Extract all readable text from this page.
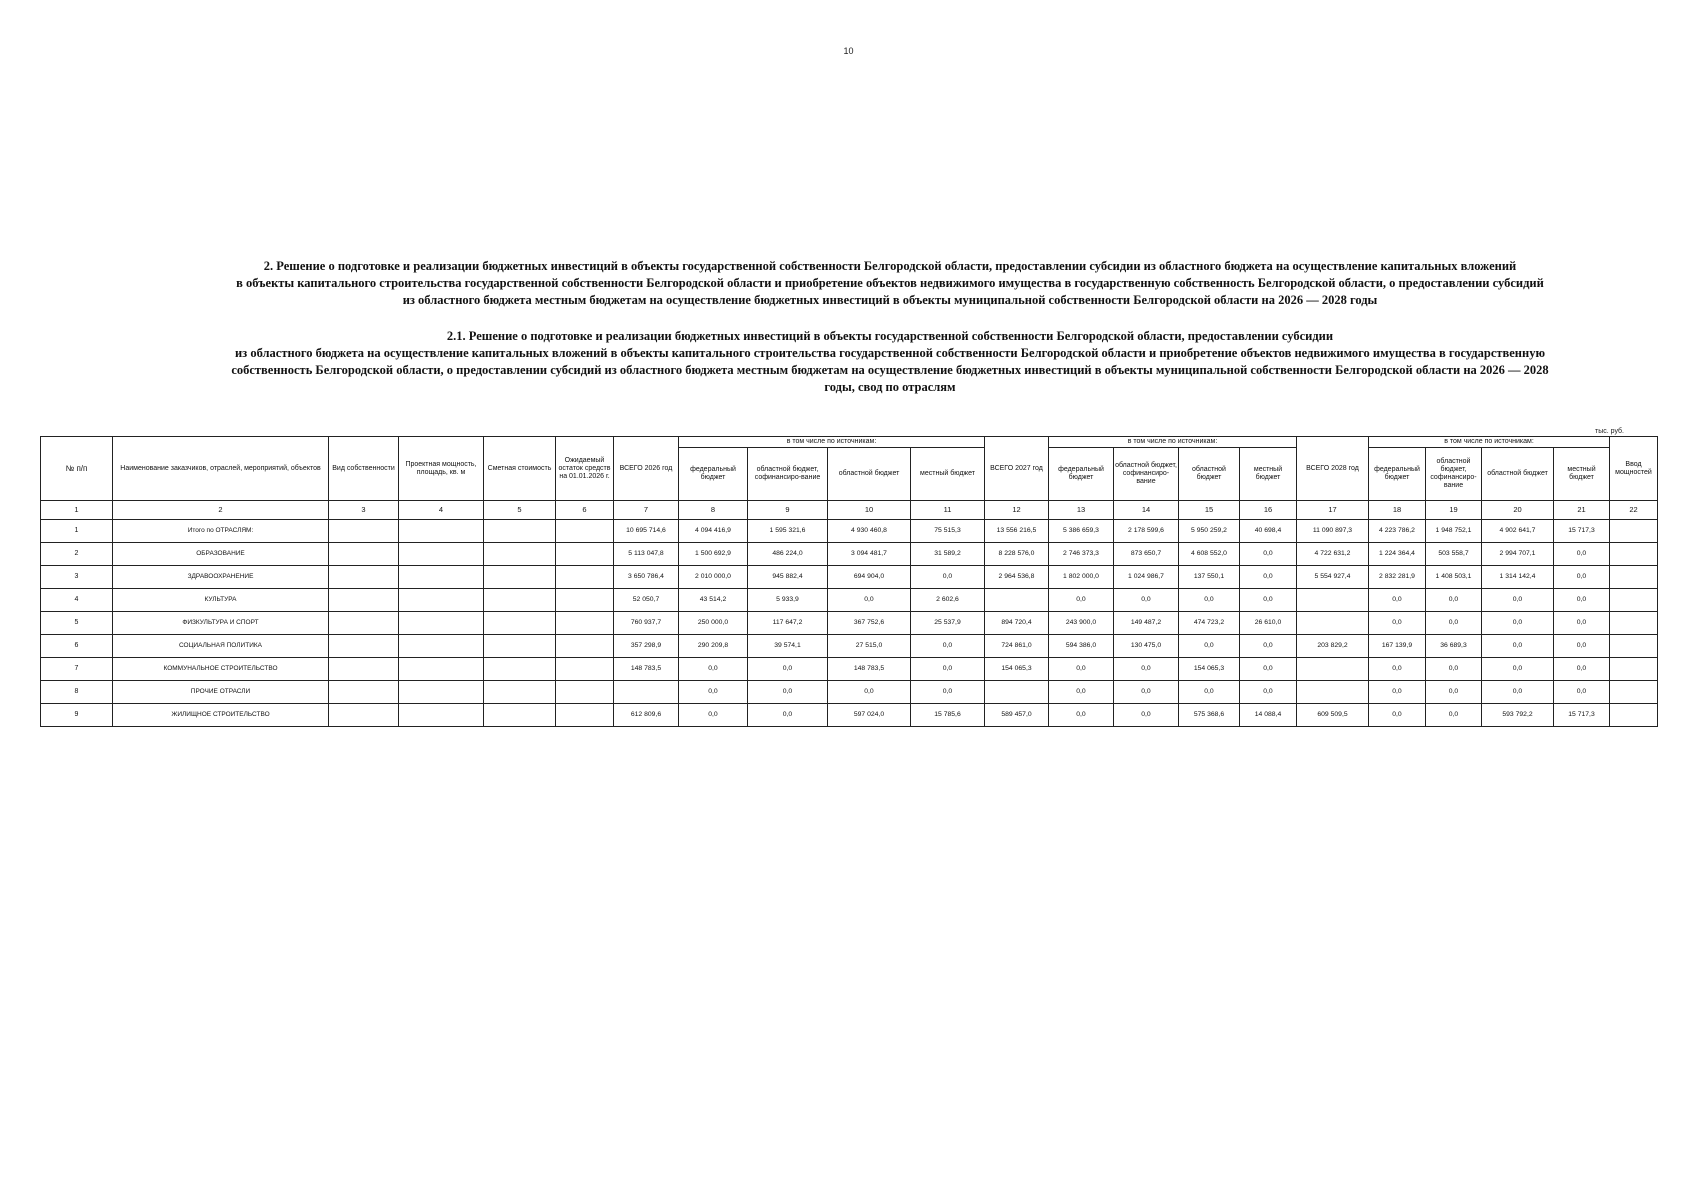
10

2. Решение о подготовке и реализации бюджетных инвестиций в объекты государственной собственности Белгородской области, предоставлении субсидии из областного бюджета на осуществление капитальных вложений

в объекты капитального строительства государственной собственности Белгородской области и приобретение объектов недвижимого имущества в государственную собственность Белгородской области, о предоставлении субсидий

из областного бюджета местным бюджетам на осуществление бюджетных инвестиций в объекты муниципальной собственности Белгородской области на 2026 — 2028 годы

2.1. Решение о подготовке и реализации бюджетных инвестиций в объекты государственной собственности Белгородской области, предоставлении субсидии

из областного бюджета на осуществление капитальных вложений в объекты капитального строительства государственной собственности Белгородской области и приобретение объектов недвижимого имущества в государственную

собственность Белгородской области, о предоставлении субсидий из областного бюджета местным бюджетам на осуществление бюджетных инвестиций в объекты муниципальной собственности Белгородской области на 2026 — 2028

годы, свод по отраслям

тыс. руб.
№ п/п	Наименование заказчиков, отраслей, мероприятий, объектов	Вид собственности	Проектная мощность, площадь, кв. м	Сметная стоимость	Ожидаемый остаток средств на 01.01.2026 г.	ВСЕГО 2026 год	в том числе по источникам:				ВСЕГО 2027 год	в том числе по источникам:				ВСЕГО 2028 год	в том числе по источникам:				Ввод мощностей
							федеральный бюджет	областной бюджет, софинансиро-вание	областной бюджет	местный бюджет		федеральный бюджет	областной бюджет, софинансиро-вание	областной бюджет	местный бюджет		федеральный бюджет	областной бюджет, софинансиро-вание	областной бюджет	местный бюджет	
1	2	3	4	5	6	7	8	9	10	11	12	13	14	15	16	17	18	19	20	21	22
1	Итого по ОТРАСЛЯМ:					10 695 714,6	4 094 416,9	1 595 321,6	4 930 460,8	75 515,3	13 556 216,5	5 386 659,3	2 178 599,6	5 950 259,2	40 698,4	11 090 897,3	4 223 786,2	1 948 752,1	4 902 641,7	15 717,3	
2	ОБРАЗОВАНИЕ					5 113 047,8	1 500 692,9	486 224,0	3 094 481,7	31 589,2	8 228 576,0	2 746 373,3	873 650,7	4 608 552,0	0,0	4 722 631,2	1 224 364,4	503 558,7	2 994 707,1	0,0	
3	ЗДРАВООХРАНЕНИЕ					3 650 786,4	2 010 000,0	945 882,4	694 904,0	0,0	2 964 536,8	1 802 000,0	1 024 986,7	137 550,1	0,0	5 554 927,4	2 832 281,9	1 408 503,1	1 314 142,4	0,0	
4	КУЛЬТУРА					52 050,7	43 514,2	5 933,9	0,0	2 602,6		0,0	0,0	0,0	0,0		0,0	0,0	0,0	0,0	
5	ФИЗКУЛЬТУРА И СПОРТ					760 937,7	250 000,0	117 647,2	367 752,6	25 537,9	894 720,4	243 900,0	149 487,2	474 723,2	26 610,0		0,0	0,0	0,0	0,0	
6	СОЦИАЛЬНАЯ ПОЛИТИКА					357 298,9	290 209,8	39 574,1	27 515,0	0,0	724 861,0	594 386,0	130 475,0	0,0	0,0	203 829,2	167 139,9	36 689,3	0,0	0,0	
7	КОММУНАЛЬНОЕ СТРОИТЕЛЬСТВО					148 783,5	0,0	0,0	148 783,5	0,0	154 065,3	0,0	0,0	154 065,3	0,0		0,0	0,0	0,0	0,0	
8	ПРОЧИЕ ОТРАСЛИ						0,0	0,0	0,0	0,0		0,0	0,0	0,0	0,0		0,0	0,0	0,0	0,0	
9	ЖИЛИЩНОЕ СТРОИТЕЛЬСТВО					612 809,6	0,0	0,0	597 024,0	15 785,6	589 457,0	0,0	0,0	575 368,6	14 088,4	609 509,5	0,0	0,0	593 792,2	15 717,3	
